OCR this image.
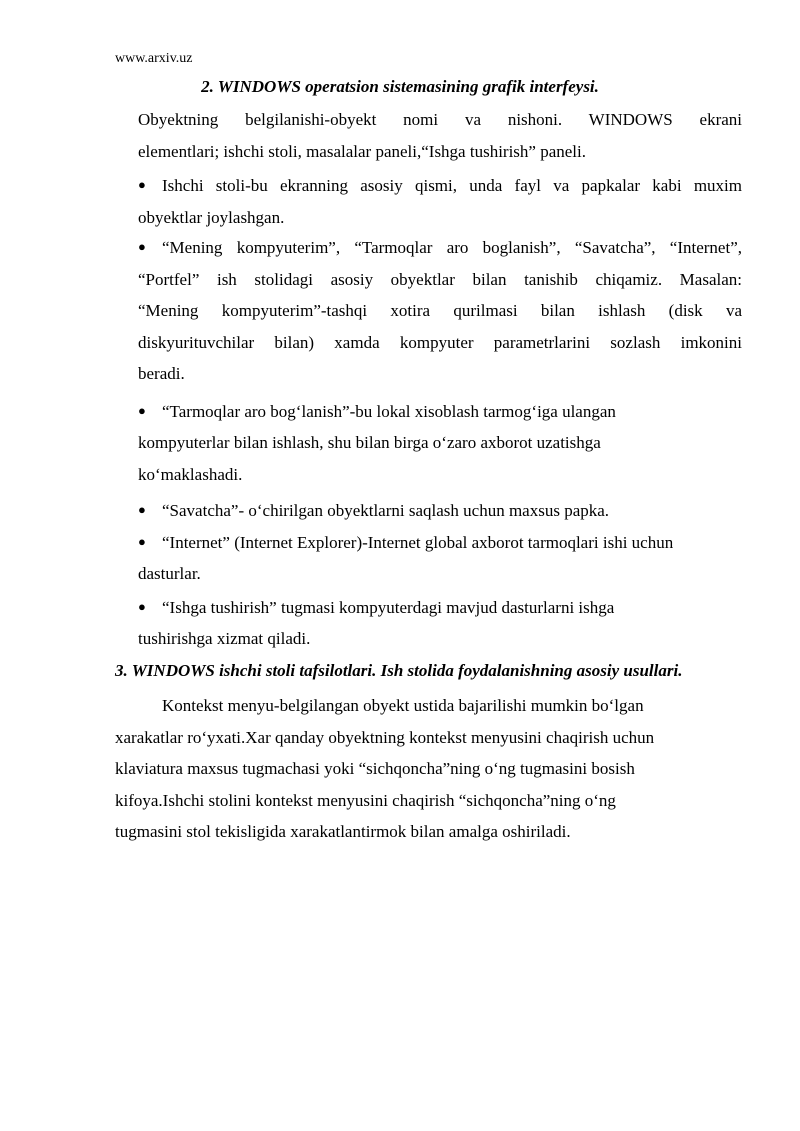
www.arxiv.uz
2. WINDOWS operatsion sistemasining grafik interfeysi.
Obyektning belgilanishi-obyekt nomi va nishoni. WINDOWS ekrani
elementlari; ishchi stoli, masalalar paneli,“Ishga tushirish” paneli.
● Ishchi stoli-bu ekranning asosiy qismi, unda fayl va papkalar kabi muxim
obyektlar joylashgan.
● “Mening kompyuterim”, “Tarmoqlar aro boglanish”, “Savatcha”, “Internet”,
“Portfel” ish stolidagi asosiy obyektlar bilan tanishib chiqamiz. Masalan:
“Mening kompyuterim”-tashqi xotira qurilmasi bilan ishlash (disk va
diskyurituvchilar bilan) xamda kompyuter parametrlarini sozlash imkonini
beradi.
● “Tarmoqlar aro bog‘lanish”-bu lokal xisoblash tarmog‘iga ulangan
kompyuterlar bilan ishlash, shu bilan birga o‘zaro axborot uzatishga
ko‘maklashadi.
● “Savatcha”- o‘chirilgan obyektlarni saqlash uchun maxsus papka.
● “Internet” (Internet Explorer)-Internet global axborot tarmoqlari ishi uchun
dasturlar.
● “Ishga tushirish” tugmasi kompyuterdagi mavjud dasturlarni ishga
tushirishga xizmat qiladi.
3. WINDOWS ishchi stoli tafsilotlari. Ish stolida foydalanishning asosiy usullari.
Kontekst menyu-belgilangan obyekt ustida bajarilishi mumkin bo‘lgan
xarakatlar ro‘yxati.Xar qanday obyektning kontekst menyusini chaqirish uchun
klaviatura maxsus tugmachasi yoki “sichqoncha”ning o‘ng tugmasini bosish
kifoya.Ishchi stolini kontekst menyusini chaqirish “sichqoncha”ning o‘ng
tugmasini stol tekisligida xarakatlantirmok bilan amalga oshiriladi.
